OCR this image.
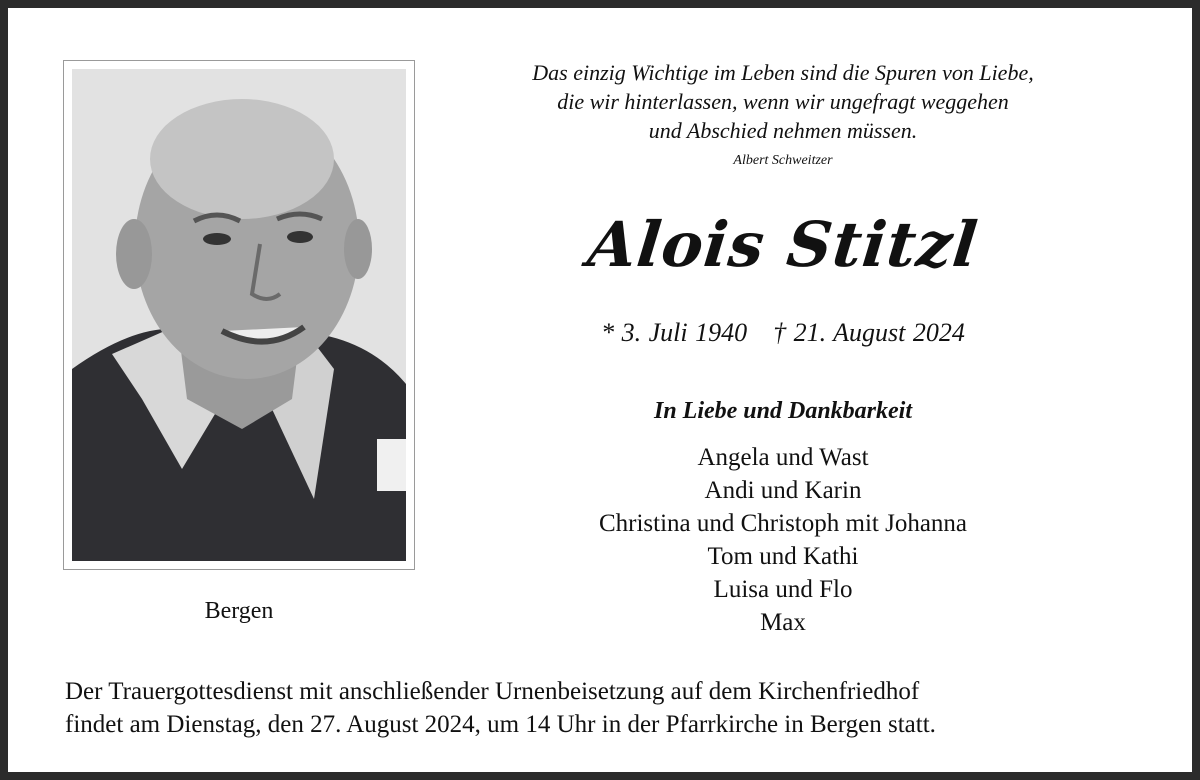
Bergen
Das einzig Wichtige im Leben sind die Spuren von Liebe,
die wir hinterlassen, wenn wir ungefragt weggehen
und Abschied nehmen müssen.
Albert Schweitzer
Alois Stitzl
* 3. Juli 1940 † 21. August 2024
In Liebe und Dankbarkeit
Angela und Wast
Andi und Karin
Christina und Christoph mit Johanna
Tom und Kathi
Luisa und Flo
Max
Der Trauergottesdienst mit anschließender Urnenbeisetzung auf dem Kirchenfriedhof
findet am Dienstag, den 27. August 2024, um 14 Uhr in der Pfarrkirche in Bergen statt.
